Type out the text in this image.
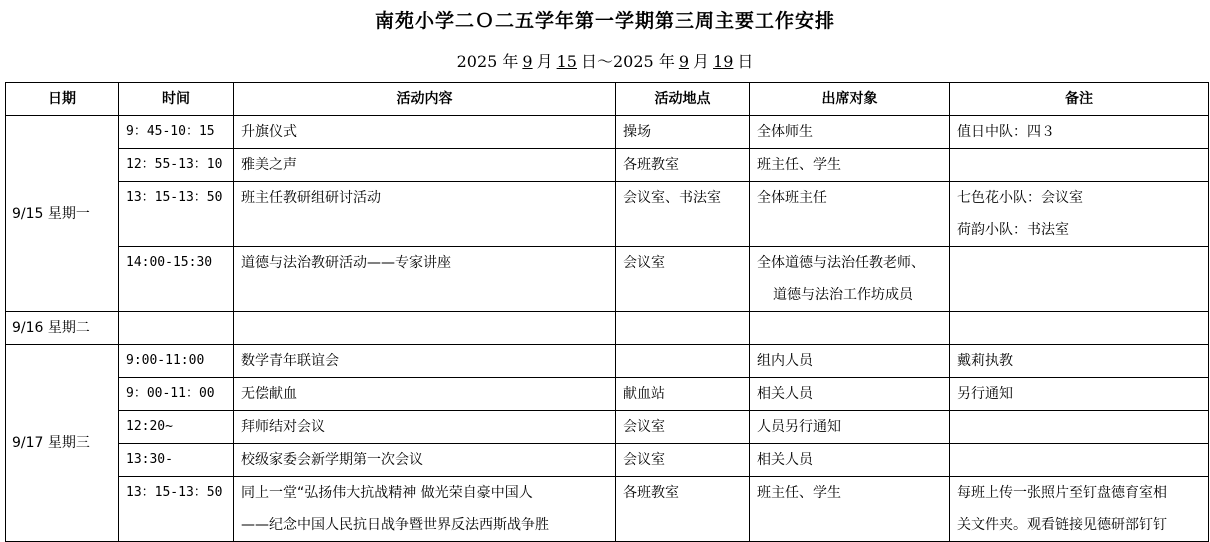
南苑小学二Ｏ二五学年第一学期第三周主要工作安排
2025 年 9 月 15 日～2025 年 9 月 19 日
日期	时间	活动内容	活动地点	出席对象	备注
9/15 星期一	9：45-10：15	升旗仪式	操场	全体师生	值日中队：四３

	12：55-13：10	雅美之声	各班教室	班主任、学生	

	13：15-13：50	班主任教研组研讨活动	会议室、书法室	全体班主任	七色花小队：会议室
荷韵小队：书法室

	14:00-15:30	道德与法治教研活动——专家讲座	会议室	全体道德与法治任教老师、
道德与法治工作坊成员	

9/16 星期二					
9/17 星期三	9:00-11:00	数学青年联谊会		组内人员	戴莉执教

	9：00-11：00	无偿献血	献血站	相关人员	另行通知

	12:20~	拜师结对会议	会议室	人员另行通知	

	13:30-	校级家委会新学期第一次会议	会议室	相关人员	

	13：15-13：50	同上一堂“弘扬伟大抗战精神 做光荣自豪中国人
——纪念中国人民抗日战争暨世界反法西斯战争胜	各班教室	班主任、学生	每班上传一张照片至钉盘德育室相
关文件夹。观看链接见德研部钉钉
